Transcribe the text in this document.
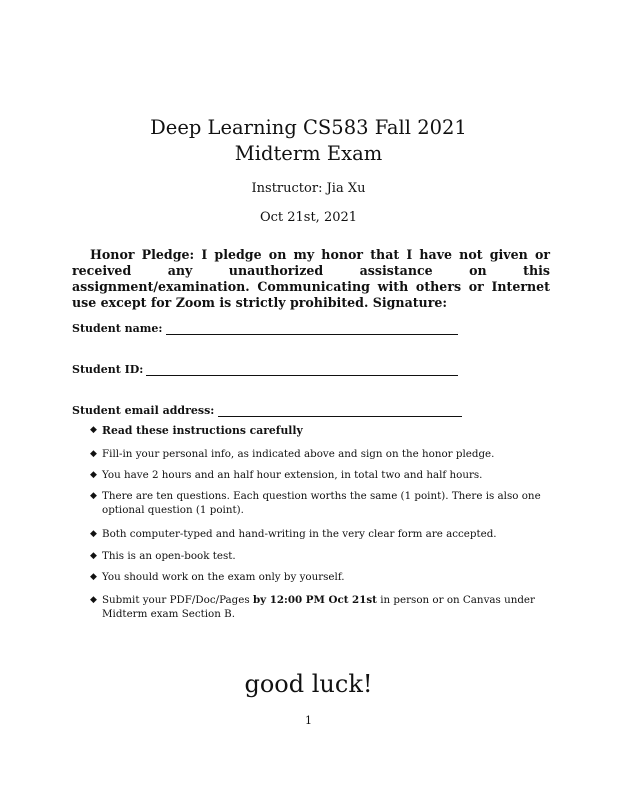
Deep Learning CS583 Fall 2021
Midterm Exam
Instructor: Jia Xu
Oct 21st, 2021

Honor Pledge: I pledge on my honor that I have not given or received any unauthorized assistance on this assignment/examination. Communicating with others or Internet use except for Zoom is strictly prohibited. Signature:

Student name:
Student ID:
Student email address:
◆ Read these instructions carefully
◆ Fill-in your personal info, as indicated above and sign on the honor pledge.
◆ You have 2 hours and an half hour extension, in total two and half hours.
◆ There are ten questions. Each question worths the same (1 point). There is also one optional question (1 point).
◆ Both computer-typed and hand-writing in the very clear form are accepted.
◆ This is an open-book test.
◆ You should work on the exam only by yourself.
◆ Submit your PDF/Doc/Pages by 12:00 PM Oct 21st in person or on Canvas under Midterm exam Section B.
good luck!
1
